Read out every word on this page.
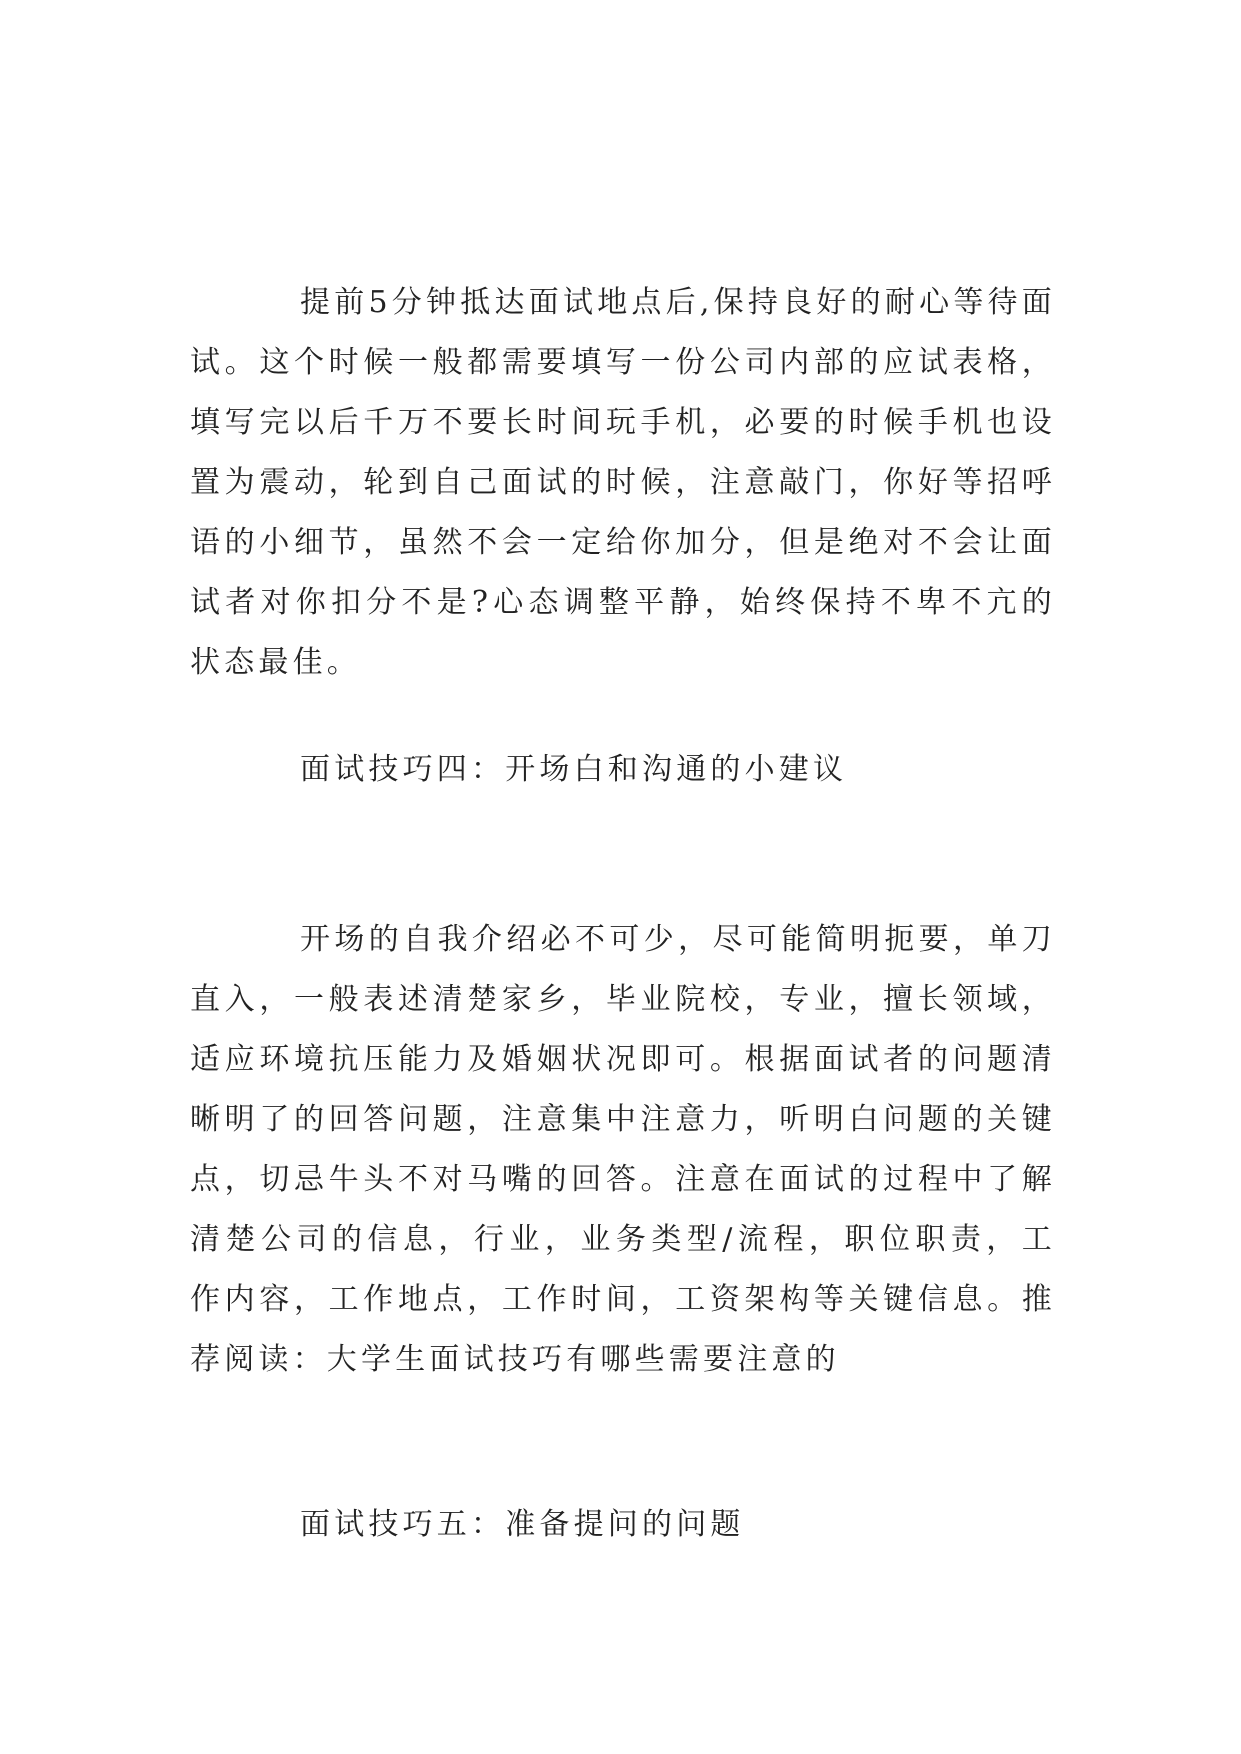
提前5分钟抵达面试地点后,保持良好的耐心等待面试。这个时候一般都需要填写一份公司内部的应试表格，填写完以后千万不要长时间玩手机，必要的时候手机也设置为震动，轮到自己面试的时候，注意敲门，你好等招呼语的小细节，虽然不会一定给你加分，但是绝对不会让面试者对你扣分不是?心态调整平静，始终保持不卑不亢的状态最佳。

面试技巧四：开场白和沟通的小建议

开场的自我介绍必不可少，尽可能简明扼要，单刀直入，一般表述清楚家乡，毕业院校，专业，擅长领域，适应环境抗压能力及婚姻状况即可。根据面试者的问题清晰明了的回答问题，注意集中注意力，听明白问题的关键点，切忌牛头不对马嘴的回答。注意在面试的过程中了解清楚公司的信息，行业，业务类型/流程，职位职责，工作内容，工作地点，工作时间，工资架构等关键信息。推荐阅读：大学生面试技巧有哪些需要注意的

面试技巧五：准备提问的问题
